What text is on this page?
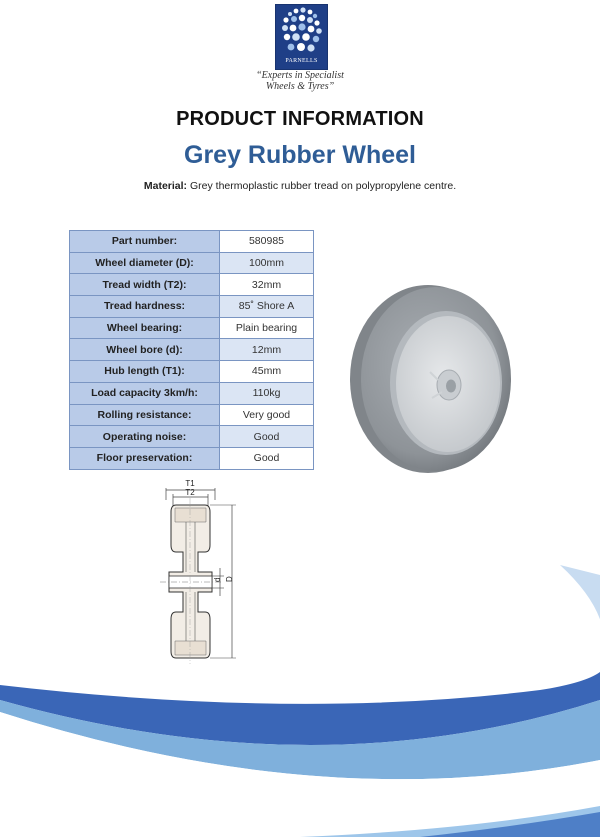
PARNELLS
“Experts in Specialist
Wheels & Tyres”
PRODUCT INFORMATION
Grey Rubber Wheel
Material: Grey thermoplastic rubber tread on polypropylene centre.
Part number:	580985
Wheel diameter (D):	100mm
Tread width (T2):	32mm
Tread hardness:	85˚ Shore A
Wheel bearing:	Plain bearing
Wheel bore (d):	12mm
Hub length (T1):	45mm
Load capacity 3km/h:	110kg
Rolling resistance:	Very good
Operating noise:	Good
Floor preservation:	Good
T1
T2
d D
